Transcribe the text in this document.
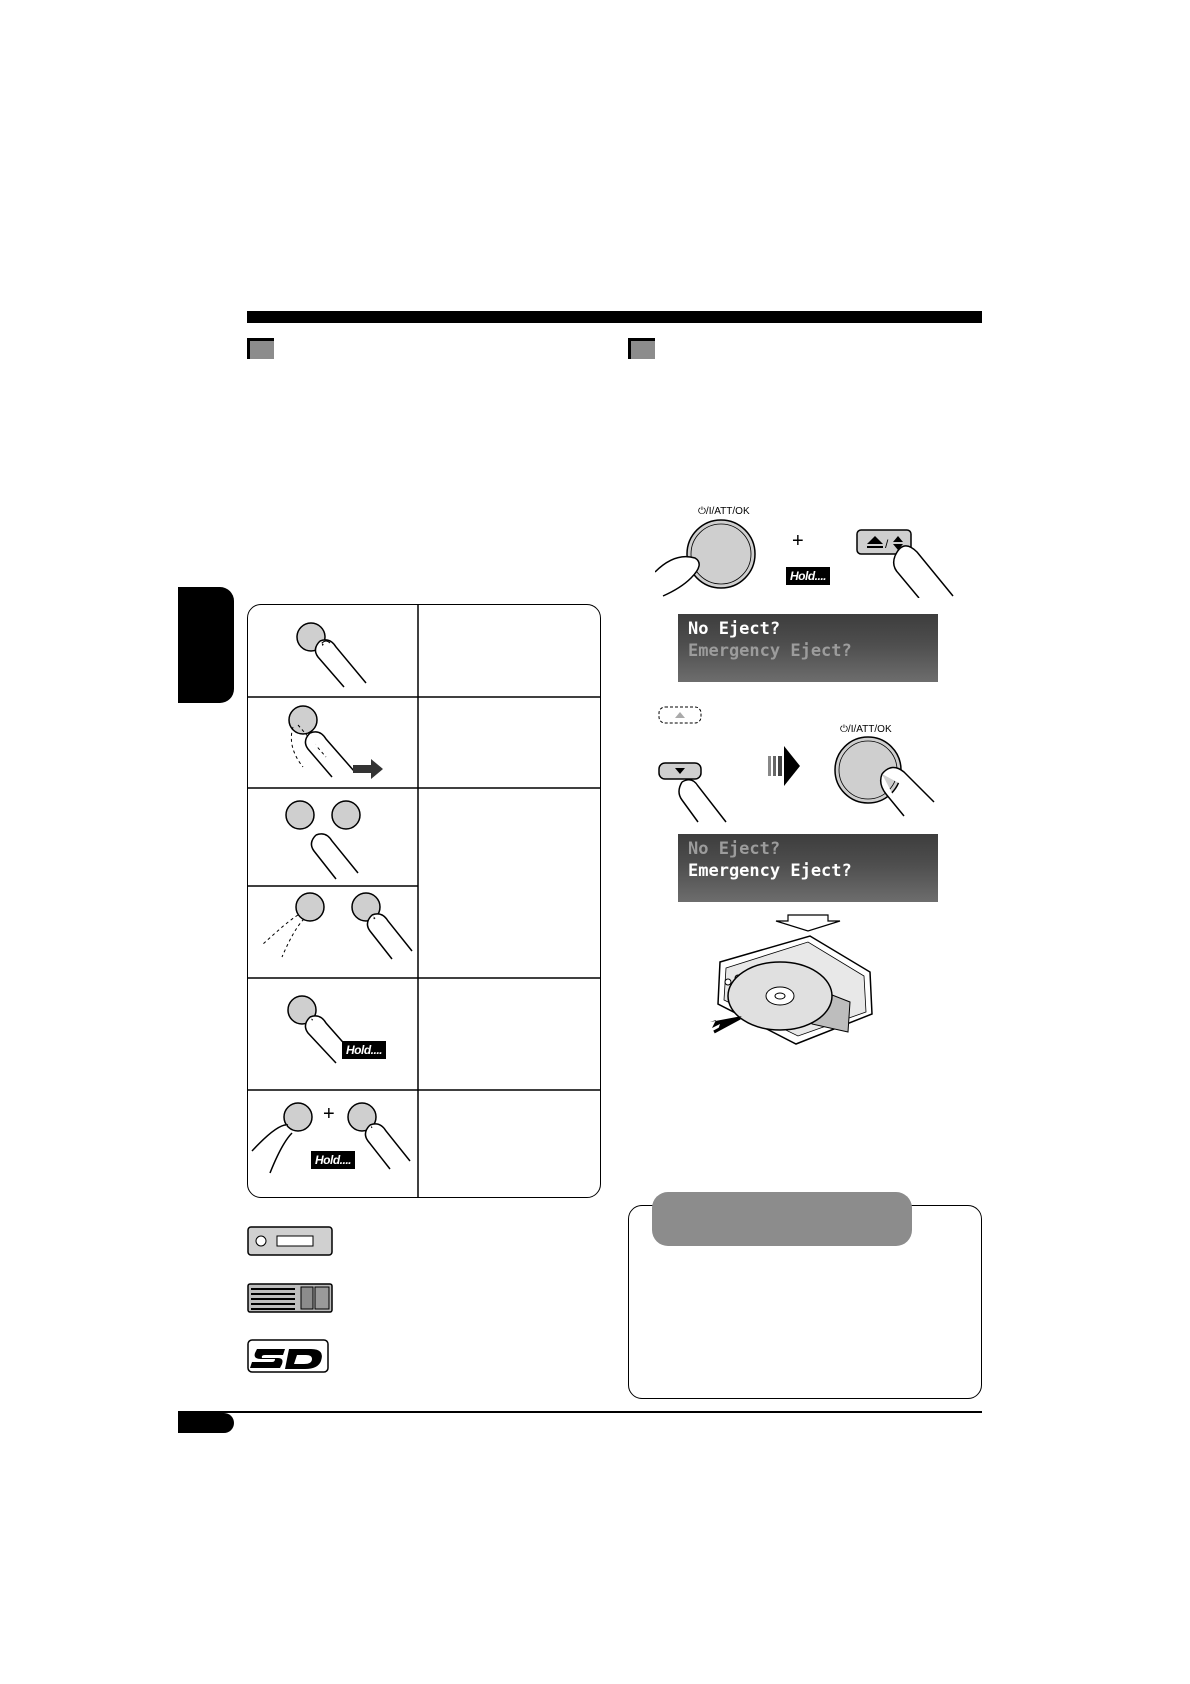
Hold....
+
Hold....
⏻/I/ATT/OK
+
Hold....
/
No Eject?
Emergency Eject?
⏻/I/ATT/OK
No Eject?
Emergency Eject?
